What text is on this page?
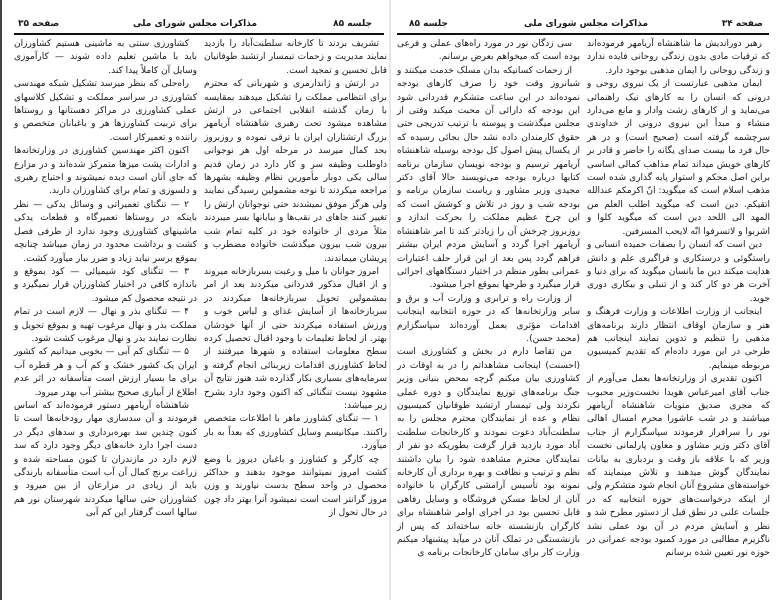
جلسه ۸۵
مذاکرات مجلس شورای ملی
صفحه ۳۵

تشریف بردند تا کارخانه سلطنت‌آباد را بازدید نمایند مدیریت و زحمات تیمسار ارتشبد طوفانیان قابل تحسین و تمجید است.

در ارتش و ژاندارمری و شهربانی که محترم برای انتظامی مملکت را تشکیل میدهند بمقایسه با زمان گذشته انقلابی اجتماعی در ارتش مشاهده میشود تحت رهبری شاهنشاه آریامهر بزرگ ارتشتاران ایران با ترقی نموده و روزبروز بحد کمال میرسد در مرحله اول هر نوجوانی داوطلب وظیفه سر و کار دارد در زمان قدیم سالی یکی دوبار مأمورین نظام وظیفه بشهرها مراجعه میکردند تا نوجه مشمولین رسیدگی نمایند ولی هرگز موفق نمیشدند حتی نوجوانان ارتش را تغییر کنند جاهای در نقب‌ها و بیابانها بسر میبردند مثلاً مردی از خانواده خود در کلیه تمام شب بیرون شب بیرون میگذشت خانواده مضطرب و پریشان میماندند.

امروز جوانان با میل و رغبت بسربازخانه میروند و از اقبال مذکور قدردانی میکردند بعد از امر بمشمولین تحویل سربازخانه‌ها میکردند در سربازخانه‌ها از آسایش غذای و لباس خوب و ورزش استفاده میکردند حتی از آنها خودشان بهتر. از لحاظ تعلیمات با وجود اقبال تحصیل کرده سطح معلومات استفاده و شهرها میرفتند از لحاظ کشاورزی اقدامات زیربنائی انجام گرفته و سرمایه‌های بسیاری بکار گذارده شد هنوز نتایج آن مشهود نیست تنگنائی که اکنون وجود دارد بشرح زیر میباشد:

۱ — تنگنای کشاورز ماهر با اطلاعات متخصص راکنند. میکانیسم وسایل کشاورزی که بعداً به بار میآورد.

چه کارگر و کشاورز و باغبان دیروز با وضع کشت امروز نمیتوانند موجود بدهند و حداکثر محصول در واحد سطح بدست نیاورند و وزن مروز گرانتر است است نمیشود آنرا بهتر داد چون در حال تحول از

کشاورزی سنتی به ماشینی هستیم کشاورزان باید با ماشین تعلیم داده شوند — کارآموزی وسایل آن کاملاً پیدا کند.

راه‌حلی که بنظر میرسد تشکیل شبکه مهندسی کشاورزی در سراسر مملکت و تشکیل کلاسهای عملی کشاورزی در مراکز دهستانها و روستاها برای تربیت کشاورزها هر و باغبانان متخصص و راننده و تعمیرکار است.

اکنون اکثر مهندسین کشاورزی در وزارتخانه‌ها و ادارات پشت میزها متمرکز شده‌اند و در مزارع که جای آنان است دیده نمیشوند و احتیاج رهبری و دلسوزی و تمام برای کشاورزان دارند.

۲ — تنگنای تعمیراتی و وسائل یدکی — نظر باینکه در روستاها تعمیرگاه و قطعات یدکی ماشینهای کشاورزی وجود ندارد از طرفی فصل کشت و برداشت محدود در زمان میباشد چنانچه بموقع برسر نیاید زیاد و ضرر ببار میآورد کشت.

۳ — تنگنای کود شیمیائی — کود بموقع و باندازه کافی در اختیار کشاورزان قرار نمیگیرد و در نتیجه محصول کم میشود.

۴ — تنگنای بذر و نهال — لازم است در تمام مملکت بذر و نهال مرغوب تهیه و بموقع تحویل و نظارت نمایند بذر و نهال مرغوب کشت شود.

۵ — تنگنای کم آبی — بخوبی میدانیم که کشور ایران یک کشور خشک و کم آب و هر قطره آب برای ما بسیار ارزش است متأسفانه در اثر عدم اطلاع از آبیاری صحیح بیشتر آب بهدر میرود.

شاهنشاه آریامهر دستور فرموده‌اند که اساس فرمودند و آن سدسازی مهار رودخانه‌ها است تا کنون چندین سد بهره‌برداری و سدهای دیگر در دست اجرا دارد خانه‌های دیگر وجود دارد که سد لازم دارد در مازندران تا کنون مساحته شده و زراعت برنج کمال آن آب است متأسفانه بارندگی باید از زیادی در مزارعان از بین میرود و کشاورزان حتی سالها میکردند شهرستان نور هم سالها است گرفتار این کم آبی

صفحه ۳۴
مذاکرات مجلس شورای ملی
جلسه ۸۵

رهبر دوراندیش ما شاهنشاه آریامهر فرموده‌اند که ترقیات مادی بدون زندگی روحانی فایده ندارد و زندگی روحانی را ایمان مذهبی بوجود دارد.

ایمان مذهبی عبارتست از یک نیروی روحی و درونی که انسان را به کارهای نیک راهنمائی می‌نماید و از کارهای زشت وادار و مانع می‌دارد منشاء و مبدأ این نیروی درونی از خداوندی سرچشمه گرفته است (صحیح است) و در هر حال فرد ما بیست صدای یگانه را حاضر و قادر بر کارهای خویش میداند تمام مذاهب کمالی اساسی براین اصل محکم و استوار پایه گذاری شده است مذهب اسلام است که میگوید: انّ اکرمکم عندالله اتقیکم. دین است که میگوید اطلب العلم من المهد الی اللحد دین است که میگوید کلوا و اشربوا و لاتسرفوا انّه لایحب المسرفین.

دین است که انسان را بصفات حمیده انسانی و راستگوئی و درستکاری و فراگیری علم و دانش هدایت میکند دین ما بانسان میگوید که برای دنیا و آخرت هر دو کار کند و از تنبلی و بیکاری دوری جوید.

اینجانب از وزارت اطلاعات و وزارت فرهنگ و هنر و سازمان اوقاف انتظار دارند برنامه‌های مذهبی را تنظیم و تدوین نمایند اینجانب هم طرحی در این مورد داده‌ام که تقدیم کمیسیون مربوطه مینمایم.

اکنون تقدیری از وزارتخانه‌ها بعمل می‌آورم از جناب آقای امیرعباس هویدا نخست‌وزیر محبوب که مجری صدیق منویات شاهنشاه آریامهر میباشند و در شب عاشورا محرم امسال اهالی نور را سرافراز فرمودند سپاسگزارم از جناب آقای دکتر وزیر مشاور و معاون پارلمانی نخست وزیر که با علاقه باز وقت و بردباری به بیانات نمایندگان گوش میدهند و تلاش مینمایند که خواسته‌های مشروع آنان انجام شود متشکرم ولی از اینکه درخواست‌های حوزه انتخابیه که در جلسات علنی در نطق قبل از دستور مطرح شد و نظر و آسایش مردم در آن بود عملی نشد ناگزیرم مطالبی در مورد کمبود بودجه عمرانی در حوزه نور تعیین شده برسانم

سی زدگان نور در مورد راه‌های عملی و فرعی بوده است که میخواهم بعرض برسانم.

از زحمات کسانیکه بدان مسلک خدمت میکنند و شبانروز وقت خود را صرف کارهای بودجه نموده‌اند در این ساعت متشکرم قدردانی شود این بودجه که دارائی آن محبت میکند وقتی از مجلس میگذشت و پیوسته با ترتیب تدریجی حتی حقوق کارمندان داده نشد حال بجائی رسیده که از یکسال پیش اصول کل بودجه بوسیله شاهنشاه آریامهر ترسیم و بودجه نویسان سازمان برنامه کتابها درباره بودجه می‌نویسند حالا آقای دکتر مجیدی وزیر مشاور و ریاست سازمان برنامه و بودجه شب و روز در تلاش و کوشش است که این چرخ عظیم مملکت را بحرکت اندازد و روزبروز چرخش آن را زیادتر کند تا امر شاهنشاه آریامهر اجرا گردد و آسایش مردم ایران بیشتر فراهم گردد پس بعد از این قرار حلف اعتبارات عمرانی بطور منظم در اختیار دستگاههای اجرائی قرار میگیرد و طرحها بموقع اجرا میشود.

از وزارت راه و ترابری و وزارت آب و برق و سایر وزارتخانه‌ها که در حوزه انتخابیه اینجانب اقدامات مؤثری بعمل آورده‌اند سپاسگزارم (محمد حسن).

من تقاضا دارم در بخش و کشاورزی است (احسنت) اینجانب مشاهداتم را در به اوقات در کشاورزی بیان میکنم گرچه بمحض بنیانی وزیر جنگ برنامه‌های توزیع نمایندگان و دوره عملی نکردند ولی تیمسار ارتشبد طوفانیان کمیسیون نظام و عده از نمایندگان محترم مجلس را به سلطنت‌آباد دعوت نمودند و کارخانجات سلطنت آباد مورد بازدید قرار گرفت بطوریکه دو نفر از نمایندگان محترم مشاهده شود را بیان داشتند نظم و ترتیب و نظافت و بهره برداری آن کارخانه نمونه بود تأسیس آرامشی کارگران با خانواده آنان از لحاظ مسکن فروشگاه و وسایل رفاهی قابل تحسین بود در اجرای اوامر شاهنشاه برای کارگران بازنشسته خانه ساخته‌اند که پس از بازنشستگی در تملک آنان در میآید پیشنهاد میکنم وزارت کار برای سامان کارخانجات برنامه ی
